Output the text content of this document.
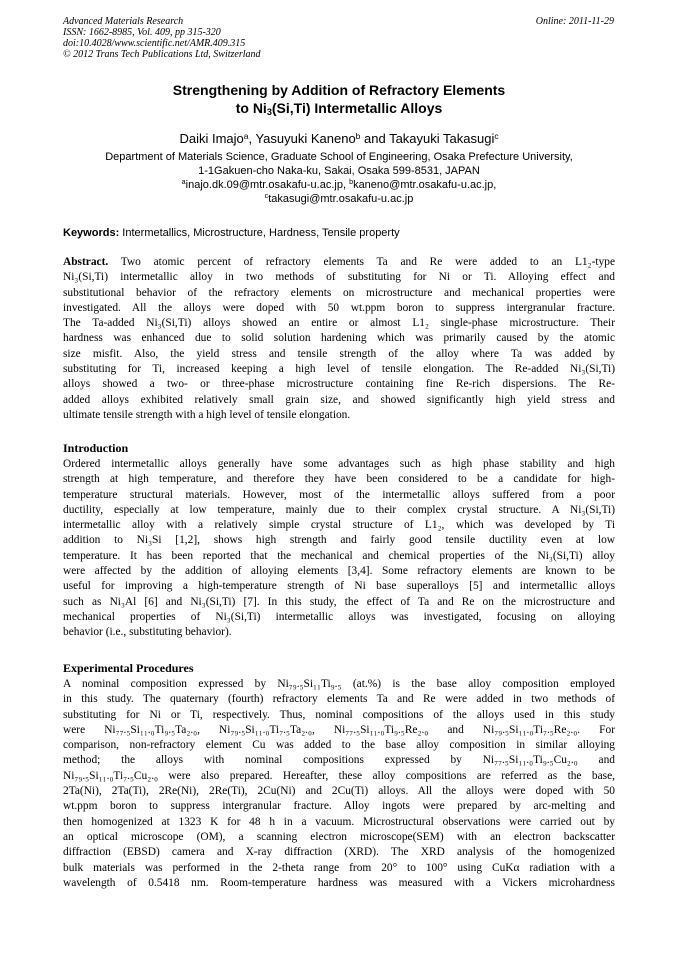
Advanced Materials Research
ISSN: 1662-8985, Vol. 409, pp 315-320
doi:10.4028/www.scientific.net/AMR.409.315
© 2012 Trans Tech Publications Ltd, Switzerland
Online: 2011-11-29
Strengthening by Addition of Refractory Elements
to $Ni_3(Si,Ti)$ Intermetallic Alloys
Daiki Imajo$^a$, Yasuyuki Kaneno$^b$ and Takayuki Takasugi$^c$
Department of Materials Science, Graduate School of Engineering, Osaka Prefecture University,
1-1Gakuen-cho Naka-ku, Sakai, Osaka 599-8531, JAPAN
$^a$inajo.dk.09@mtr.osakafu-u.ac.jp, $^b$kaneno@mtr.osakafu-u.ac.jp,
$^c$takasugi@mtr.osakafu-u.ac.jp
Keywords: Intermetallics, Microstructure, Hardness, Tensile property
Abstract. Two atomic percent of refractory elements Ta and Re were added to an L1₂-type
Ni₃(Si,Ti) intermetallic alloy in two methods of substituting for Ni or Ti. Alloying effect and
substitutional behavior of the refractory elements on microstructure and mechanical properties were
investigated. All the alloys were doped with 50 wt.ppm boron to suppress intergranular fracture.
The Ta-added Ni₃(Si,Ti) alloys showed an entire or almost L1₂ single-phase microstructure. Their
hardness was enhanced due to solid solution hardening which was primarily caused by the atomic
size misfit. Also, the yield stress and tensile strength of the alloy where Ta was added by
substituting for Ti, increased keeping a high level of tensile elongation. The Re-added Ni₃(Si,Ti)
alloys showed a two- or three-phase microstructure containing fine Re-rich dispersions. The Re-
added alloys exhibited relatively small grain size, and showed significantly high yield stress and
ultimate tensile strength with a high level of tensile elongation.
Introduction
Ordered intermetallic alloys generally have some advantages such as high phase stability and high
strength at high temperature, and therefore they have been considered to be a candidate for high-
temperature structural materials. However, most of the intermetallic alloys suffered from a poor
ductility, especially at low temperature, mainly due to their complex crystal structure. A Ni₃(Si,Ti)
intermetallic alloy with a relatively simple crystal structure of L1₂, which was developed by Ti
addition to Ni₃Si [1,2], shows high strength and fairly good tensile ductility even at low
temperature. It has been reported that the mechanical and chemical properties of the Ni₃(Si,Ti) alloy
were affected by the addition of alloying elements [3,4]. Some refractory elements are known to be
useful for improving a high-temperature strength of Ni base superalloys [5] and intermetallic alloys
such as Ni₃Al [6] and Ni₃(Si,Ti) [7]. In this study, the effect of Ta and Re on the microstructure and
mechanical properties of Ni₃(Si,Ti) intermetallic alloys was investigated, focusing on alloying
behavior (i.e., substituting behavior).
Experimental Procedures
A nominal composition expressed by Ni₇₉.₅Si₁₁Ti₉.₅ (at.%) is the base alloy composition employed
in this study. The quaternary (fourth) refractory elements Ta and Re were added in two methods of
substituting for Ni or Ti, respectively. Thus, nominal compositions of the alloys used in this study
were Ni₇₇.₅Si₁₁.₀Ti₉.₅Ta₂.₀, Ni₇₉.₅Si₁₁.₀Ti₇.₅Ta₂.₀, Ni₇₇.₅Si₁₁.₀Ti₉.₅Re₂.₀ and Ni₇₉.₅Si₁₁.₀Ti₇.₅Re₂.₀. For
comparison, non-refractory element Cu was added to the base alloy composition in similar alloying
method; the alloys with nominal compositions expressed by Ni₇₇.₅Si₁₁.₀Ti₉.₅Cu₂.₀ and
Ni₇₉.₅Si₁₁.₀Ti₇.₅Cu₂.₀ were also prepared. Hereafter, these alloy compositions are referred as the base,
2Ta(Ni), 2Ta(Ti), 2Re(Ni), 2Re(Ti), 2Cu(Ni) and 2Cu(Ti) alloys. All the alloys were doped with 50
wt.ppm boron to suppress intergranular fracture. Alloy ingots were prepared by arc-melting and
then homogenized at 1323 K for 48 h in a vacuum. Microstructural observations were carried out by
an optical microscope (OM), a scanning electron microscope(SEM) with an electron backscatter
diffraction (EBSD) camera and X-ray diffraction (XRD). The XRD analysis of the homogenized
bulk materials was performed in the 2-theta range from 20° to 100° using CuKα radiation with a
wavelength of 0.5418 nm. Room-temperature hardness was measured with a Vickers microhardness
